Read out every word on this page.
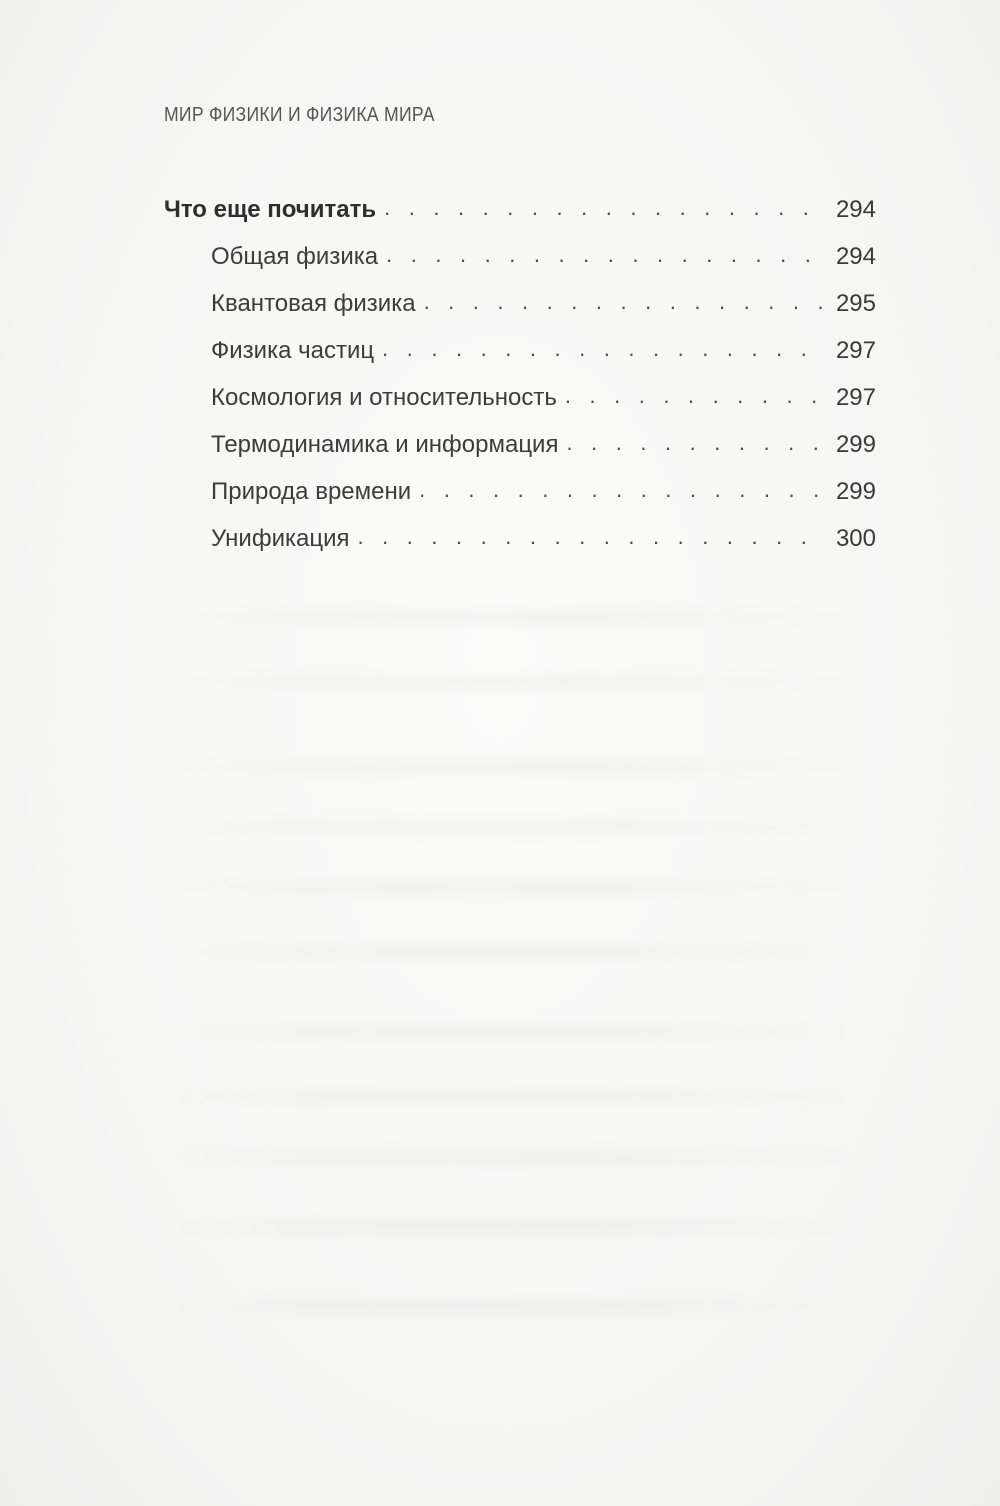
МИР ФИЗИКИ И ФИЗИКА МИРА
Что еще почитать . . .	294
Общая физика . . .	294
Квантовая физика . . .	295
Физика частиц . . .	297
Космология и относительность . . .	297
Термодинамика и информация . . .	299
Природа времени . . .	299
Унификация . . .	300
